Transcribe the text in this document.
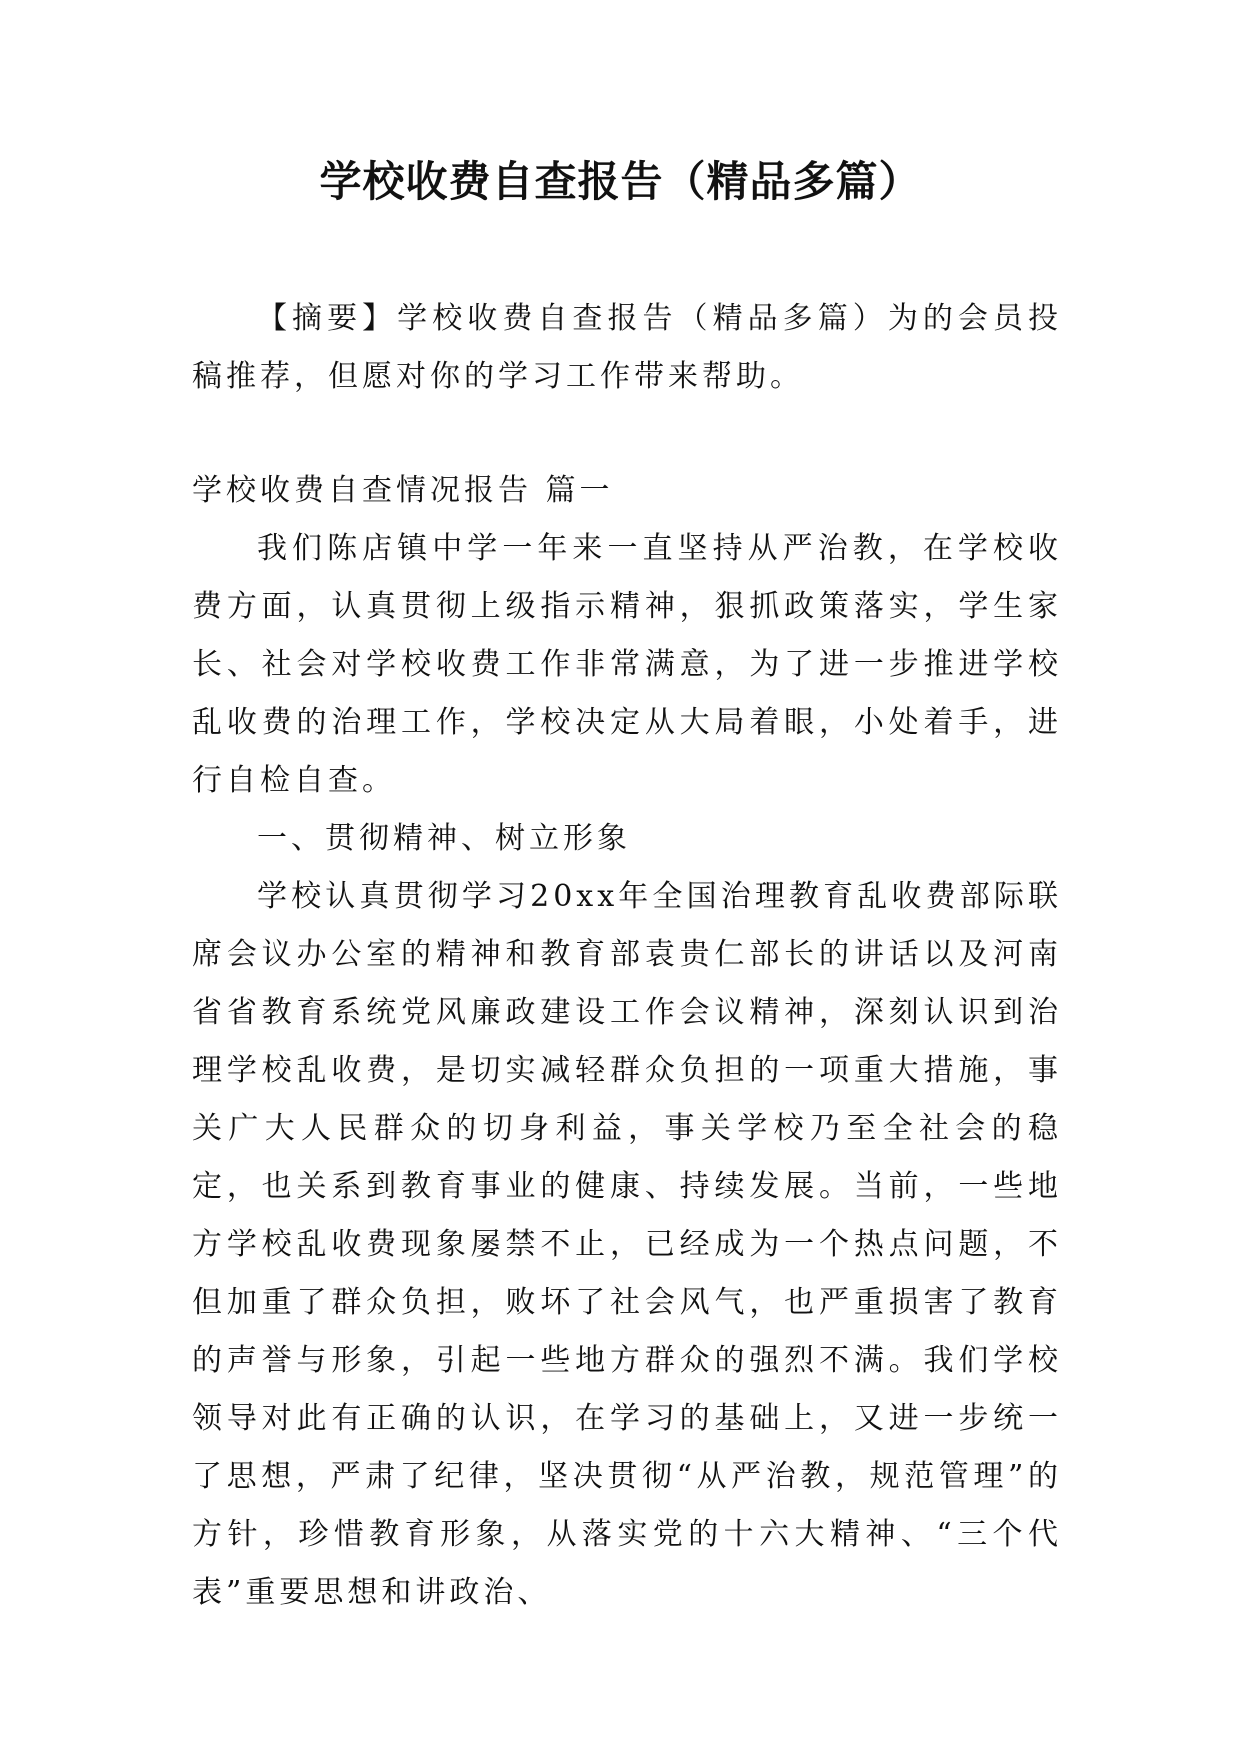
学校收费自查报告（精品多篇）

【摘要】学校收费自查报告（精品多篇）为的会员投稿推荐，但愿对你的学习工作带来帮助。

学校收费自查情况报告 篇一

我们陈店镇中学一年来一直坚持从严治教，在学校收费方面，认真贯彻上级指示精神，狠抓政策落实，学生家长、社会对学校收费工作非常满意，为了进一步推进学校乱收费的治理工作，学校决定从大局着眼，小处着手，进行自检自查。

一、贯彻精神、树立形象

学校认真贯彻学习20xx年全国治理教育乱收费部际联席会议办公室的精神和教育部袁贵仁部长的讲话以及河南省省教育系统党风廉政建设工作会议精神，深刻认识到治理学校乱收费，是切实减轻群众负担的一项重大措施，事关广大人民群众的切身利益，事关学校乃至全社会的稳定，也关系到教育事业的健康、持续发展。当前，一些地方学校乱收费现象屡禁不止，已经成为一个热点问题，不但加重了群众负担，败坏了社会风气，也严重损害了教育的声誉与形象，引起一些地方群众的强烈不满。我们学校领导对此有正确的认识，在学习的基础上，又进一步统一了思想，严肃了纪律，坚决贯彻“从严治教，规范管理”的方针，珍惜教育形象，从落实党的十六大精神、“三个代表”重要思想和讲政治、
